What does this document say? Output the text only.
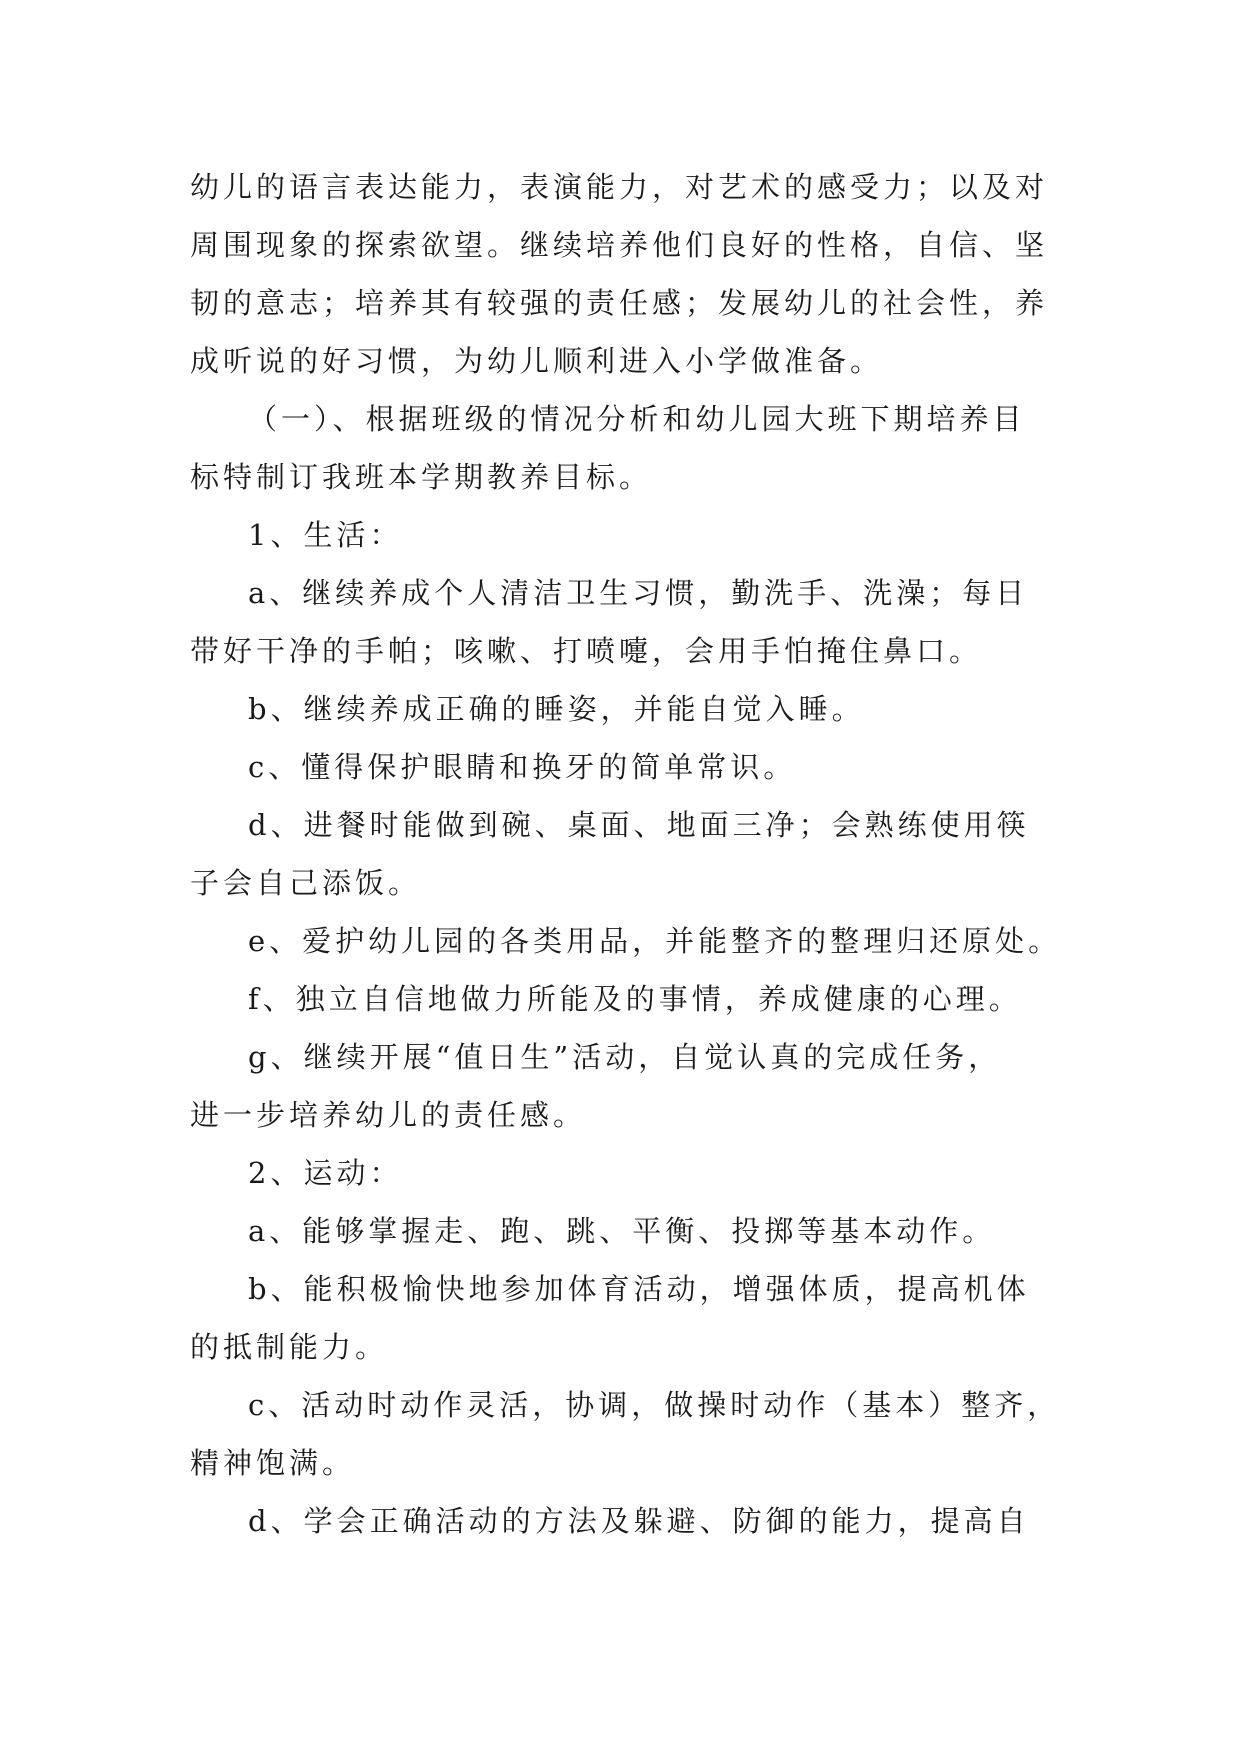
幼儿的语言表达能力，表演能力，对艺术的感受力；以及对
周围现象的探索欲望。继续培养他们良好的性格，自信、坚
韧的意志；培养其有较强的责任感；发展幼儿的社会性，养
成听说的好习惯，为幼儿顺利进入小学做准备。

（一）、根据班级的情况分析和幼儿园大班下期培养目
标特制订我班本学期教养目标。

1、生活：

a、继续养成个人清洁卫生习惯，勤洗手、洗澡；每日
带好干净的手帕；咳嗽、打喷嚏，会用手怕掩住鼻口。

b、继续养成正确的睡姿，并能自觉入睡。

c、懂得保护眼睛和换牙的简单常识。

d、进餐时能做到碗、桌面、地面三净；会熟练使用筷
子会自己添饭。

e、爱护幼儿园的各类用品，并能整齐的整理归还原处。

f、独立自信地做力所能及的事情，养成健康的心理。

g、继续开展“值日生”活动，自觉认真的完成任务，
进一步培养幼儿的责任感。

2、运动：

a、能够掌握走、跑、跳、平衡、投掷等基本动作。

b、能积极愉快地参加体育活动，增强体质，提高机体
的抵制能力。

c、活动时动作灵活，协调，做操时动作（基本）整齐，
精神饱满。

d、学会正确活动的方法及躲避、防御的能力，提高自
